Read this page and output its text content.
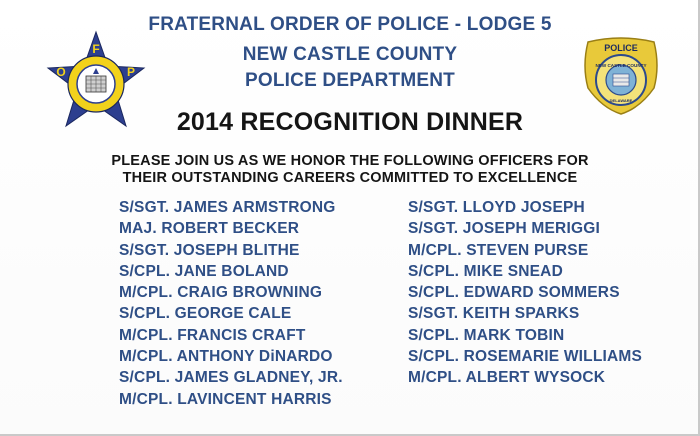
F
O	P
POLICE
NEW CASTLE COUNTY
DELAWARE
FRATERNAL ORDER OF POLICE - LODGE 5
NEW CASTLE COUNTY
POLICE DEPARTMENT
2014 RECOGNITION DINNER
PLEASE JOIN US AS WE HONOR THE FOLLOWING OFFICERS FOR
THEIR OUTSTANDING CAREERS COMMITTED TO EXCELLENCE
S/SGT. JAMES ARMSTRONG
MAJ. ROBERT BECKER
S/SGT. JOSEPH BLITHE
S/CPL. JANE BOLAND
M/CPL. CRAIG BROWNING
S/CPL. GEORGE CALE
M/CPL. FRANCIS CRAFT
M/CPL. ANTHONY DiNARDO
S/CPL. JAMES GLADNEY, JR.
M/CPL. LAVINCENT HARRIS
S/SGT. LLOYD JOSEPH
S/SGT. JOSEPH MERIGGI
M/CPL. STEVEN PURSE
S/CPL. MIKE SNEAD
S/CPL. EDWARD SOMMERS
S/SGT. KEITH SPARKS
S/CPL. MARK TOBIN
S/CPL. ROSEMARIE WILLIAMS
M/CPL. ALBERT WYSOCK
